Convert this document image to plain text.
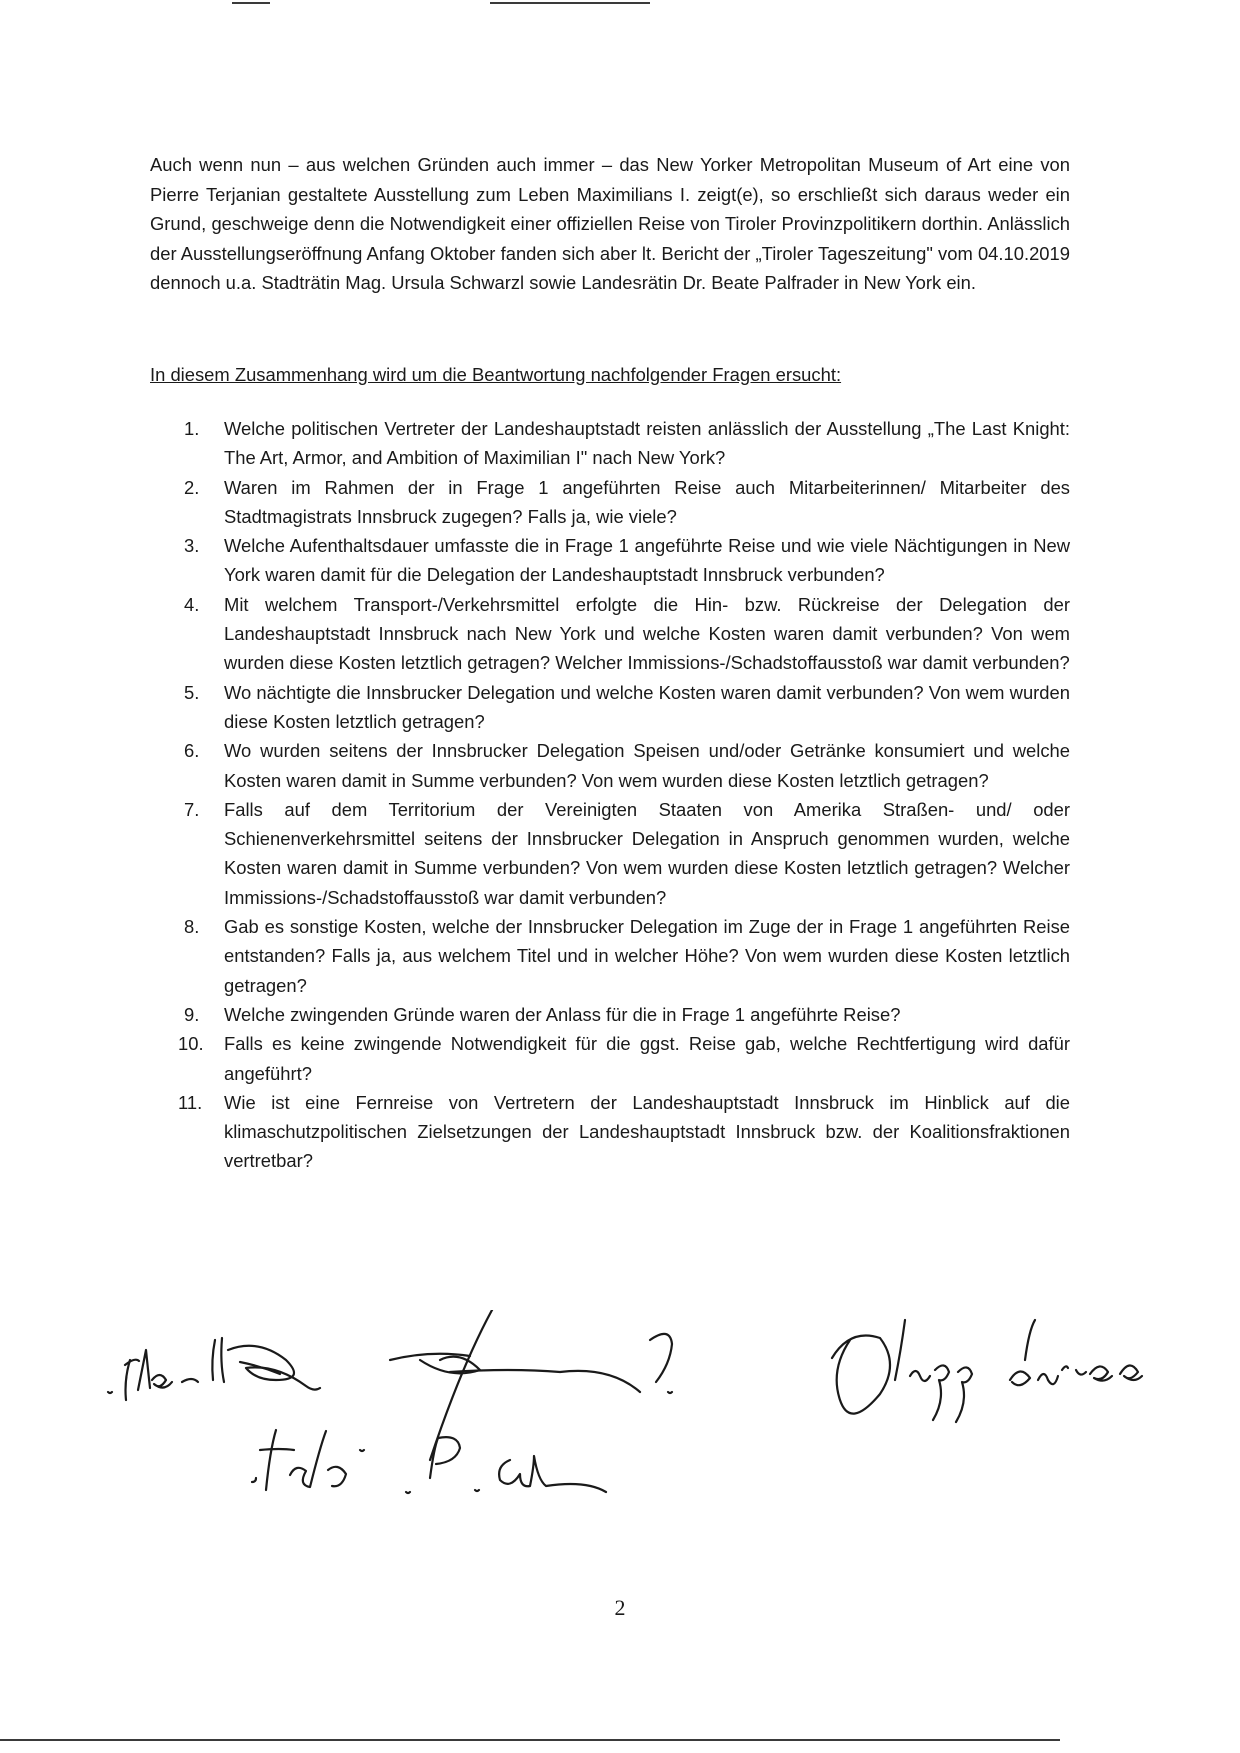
Auch wenn nun – aus welchen Gründen auch immer – das New Yorker Metropolitan Museum of Art eine von Pierre Terjanian gestaltete Ausstellung zum Leben Maximilians I. zeigt(e), so erschließt sich daraus weder ein Grund, geschweige denn die Notwendigkeit einer offiziellen Reise von Tiroler Provinzpolitikern dorthin. Anlässlich der Ausstellungseröffnung Anfang Oktober fanden sich aber lt. Bericht der „Tiroler Tageszeitung" vom 04.10.2019 dennoch u.a. Stadträtin Mag. Ursula Schwarzl sowie Landesrätin Dr. Beate Palfrader in New York ein.

In diesem Zusammenhang wird um die Beantwortung nachfolgender Fragen ersucht:

1. Welche politischen Vertreter der Landeshauptstadt reisten anlässlich der Ausstellung „The Last Knight: The Art, Armor, and Ambition of Maximilian I" nach New York?
2. Waren im Rahmen der in Frage 1 angeführten Reise auch Mitarbeiterinnen/ Mitarbeiter des Stadtmagistrats Innsbruck zugegen? Falls ja, wie viele?
3. Welche Aufenthaltsdauer umfasste die in Frage 1 angeführte Reise und wie viele Nächtigungen in New York waren damit für die Delegation der Landeshauptstadt Innsbruck verbunden?
4. Mit welchem Transport-/Verkehrsmittel erfolgte die Hin- bzw. Rückreise der Delegation der Landeshauptstadt Innsbruck nach New York und welche Kosten waren damit verbunden? Von wem wurden diese Kosten letztlich getragen? Welcher Immissions-/Schadstoffausstoß war damit verbunden?
5. Wo nächtigte die Innsbrucker Delegation und welche Kosten waren damit verbunden? Von wem wurden diese Kosten letztlich getragen?
6. Wo wurden seitens der Innsbrucker Delegation Speisen und/oder Getränke konsumiert und welche Kosten waren damit in Summe verbunden? Von wem wurden diese Kosten letztlich getragen?
7. Falls auf dem Territorium der Vereinigten Staaten von Amerika Straßen- und/ oder Schienenverkehrsmittel seitens der Innsbrucker Delegation in Anspruch genommen wurden, welche Kosten waren damit in Summe verbunden? Von wem wurden diese Kosten letztlich getragen? Welcher Immissions-/Schadstoffausstoß war damit verbunden?
8. Gab es sonstige Kosten, welche der Innsbrucker Delegation im Zuge der in Frage 1 angeführten Reise entstanden? Falls ja, aus welchem Titel und in welcher Höhe? Von wem wurden diese Kosten letztlich getragen?
9. Welche zwingenden Gründe waren der Anlass für die in Frage 1 angeführte Reise?
10. Falls es keine zwingende Notwendigkeit für die ggst. Reise gab, welche Rechtfertigung wird dafür angeführt?
11. Wie ist eine Fernreise von Vertretern der Landeshauptstadt Innsbruck im Hinblick auf die klimaschutzpolitischen Zielsetzungen der Landeshauptstadt Innsbruck bzw. der Koalitionsfraktionen vertretbar?
2
